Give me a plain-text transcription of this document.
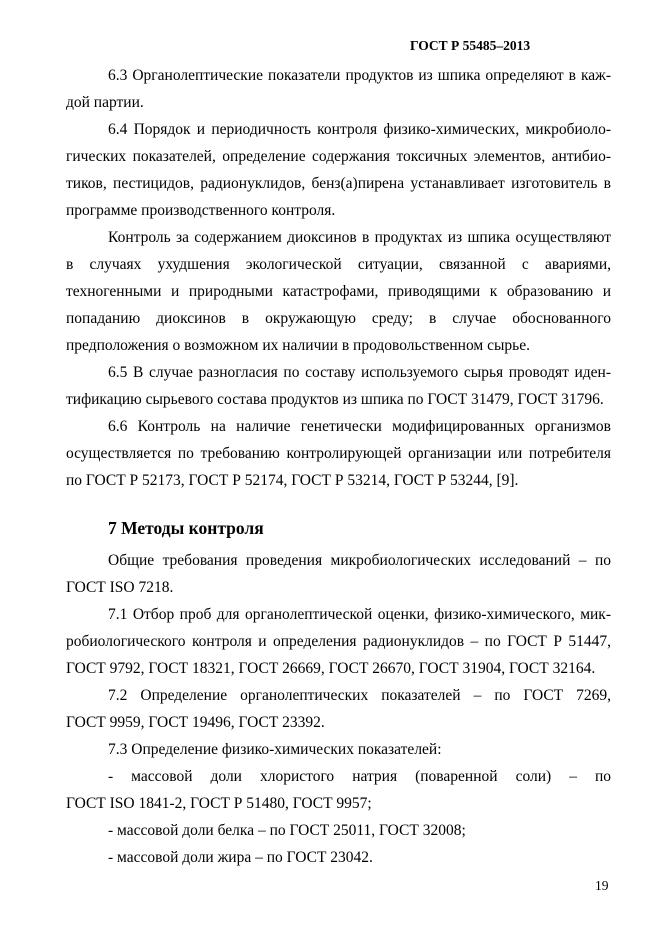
ГОСТ Р 55485–2013
6.3 Органолептические показатели продуктов из шпика определяют в каж-
дой партии.
6.4 Порядок и периодичность контроля физико-химических, микробиоло-
гических показателей, определение содержания токсичных элементов, антибио-
тиков, пестицидов, радионуклидов, бенз(а)пирена устанавливает изготовитель в
программе производственного контроля.
Контроль за содержанием диоксинов в продуктах из шпика осуществляют
в случаях ухудшения экологической ситуации, связанной с авариями,
техногенными и природными катастрофами, приводящими к образованию и
попаданию диоксинов в окружающую среду; в случае обоснованного
предположения о возможном их наличии в продовольственном сырье.
6.5 В случае разногласия по составу используемого сырья проводят иден-
тификацию сырьевого состава продуктов из шпика по ГОСТ 31479, ГОСТ 31796.
6.6 Контроль на наличие генетически модифицированных организмов
осуществляется по требованию контролирующей организации или потребителя
по ГОСТ Р 52173, ГОСТ Р 52174, ГОСТ Р 53214, ГОСТ Р 53244, [9].
7 Методы контроля
Общие требования проведения микробиологических исследований – по
ГОСТ ISO 7218.
7.1 Отбор проб для органолептической оценки, физико-химического, мик-
робиологического контроля и определения радионуклидов – по ГОСТ Р 51447,
ГОСТ 9792, ГОСТ 18321, ГОСТ 26669, ГОСТ 26670, ГОСТ 31904, ГОСТ 32164.
7.2 Определение органолептических показателей – по ГОСТ 7269,
ГОСТ 9959, ГОСТ 19496, ГОСТ 23392.
7.3 Определение физико-химических показателей:
- массовой доли хлористого натрия (поваренной соли) – по
ГОСТ ISO 1841-2, ГОСТ Р 51480, ГОСТ 9957;
- массовой доли белка – по ГОСТ 25011, ГОСТ 32008;
- массовой доли жира – по ГОСТ 23042.
19
